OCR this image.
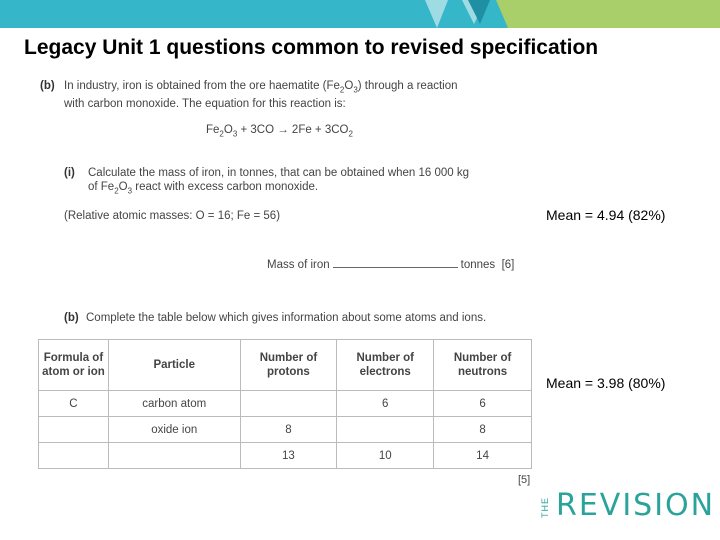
Legacy Unit 1 questions common to revised specification
(b) In industry, iron is obtained from the ore haematite $(Fe_2O_3)$ through a reaction
with carbon monoxide. The equation for this reaction is:
$Fe_2O_3 + 3CO \to 2Fe + 3CO_2$
(i) Calculate the mass of iron, in tonnes, that can be obtained when 16 000 kg
of $Fe_2O_3$ react with excess carbon monoxide.
(Relative atomic masses: O = 16; Fe = 56)
Mass of iron	tonnes [6]
Mean = 4.94 (82%)
(b) Complete the table below which gives information about some atoms and ions.
Formula of atom or ion	Particle	Number of protons	Number of electrons	Number of neutrons
C	carbon atom		6	6
	oxide ion	8		8
		13	10	14
[5]
Mean = 3.98 (80%)
THE REVISION
